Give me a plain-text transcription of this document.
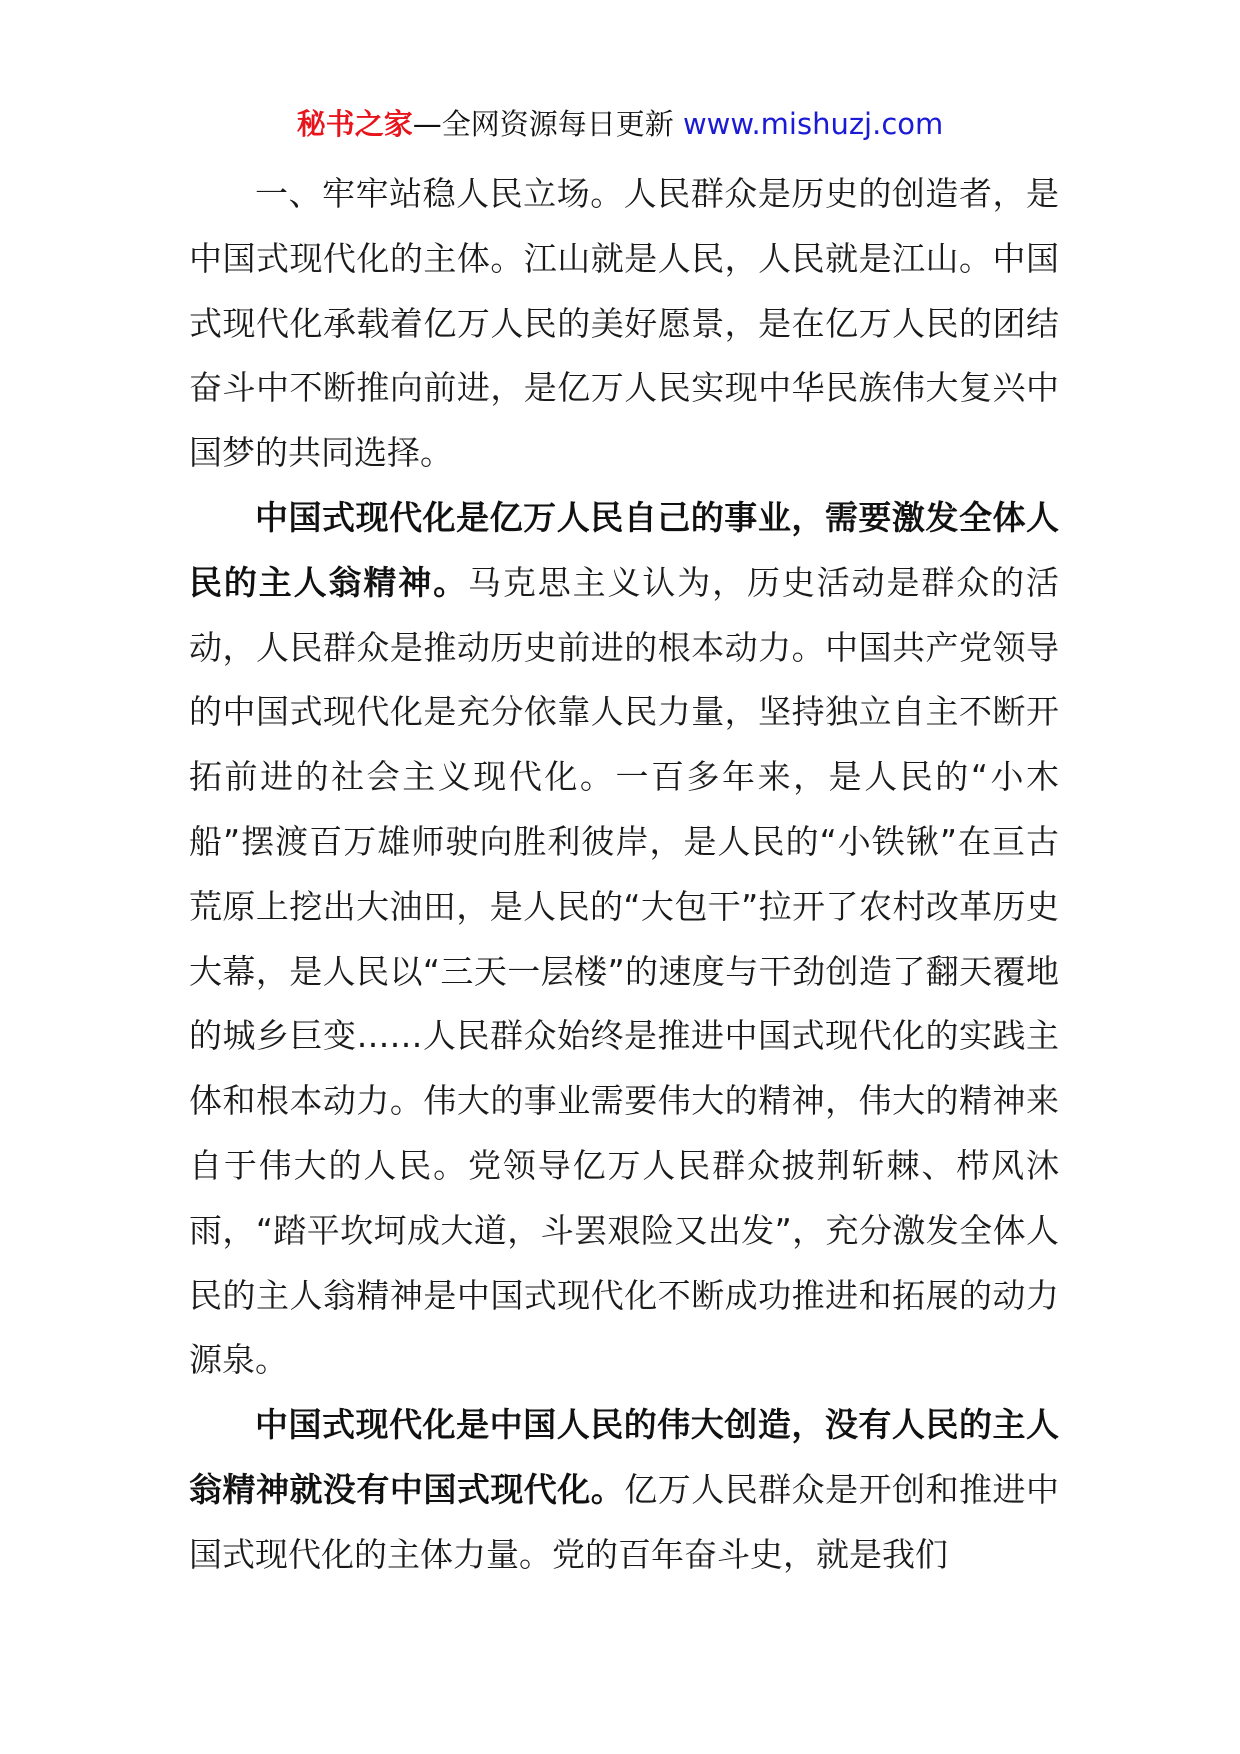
秘书之家—全网资源每日更新 www.mishuzj.com

一、牢牢站稳人民立场。人民群众是历史的创造者，是中国式现代化的主体。江山就是人民，人民就是江山。中国式现代化承载着亿万人民的美好愿景，是在亿万人民的团结奋斗中不断推向前进，是亿万人民实现中华民族伟大复兴中国梦的共同选择。

中国式现代化是亿万人民自己的事业，需要激发全体人民的主人翁精神。马克思主义认为，历史活动是群众的活动，人民群众是推动历史前进的根本动力。中国共产党领导的中国式现代化是充分依靠人民力量，坚持独立自主不断开拓前进的社会主义现代化。一百多年来，是人民的“小木船”摆渡百万雄师驶向胜利彼岸，是人民的“小铁锹”在亘古荒原上挖出大油田，是人民的“大包干”拉开了农村改革历史大幕，是人民以“三天一层楼”的速度与干劲创造了翻天覆地的城乡巨变……人民群众始终是推进中国式现代化的实践主体和根本动力。伟大的事业需要伟大的精神，伟大的精神来自于伟大的人民。党领导亿万人民群众披荆斩棘、栉风沐雨，“踏平坎坷成大道，斗罢艰险又出发”，充分激发全体人民的主人翁精神是中国式现代化不断成功推进和拓展的动力源泉。

中国式现代化是中国人民的伟大创造，没有人民的主人翁精神就没有中国式现代化。亿万人民群众是开创和推进中国式现代化的主体力量。党的百年奋斗史，就是我们
